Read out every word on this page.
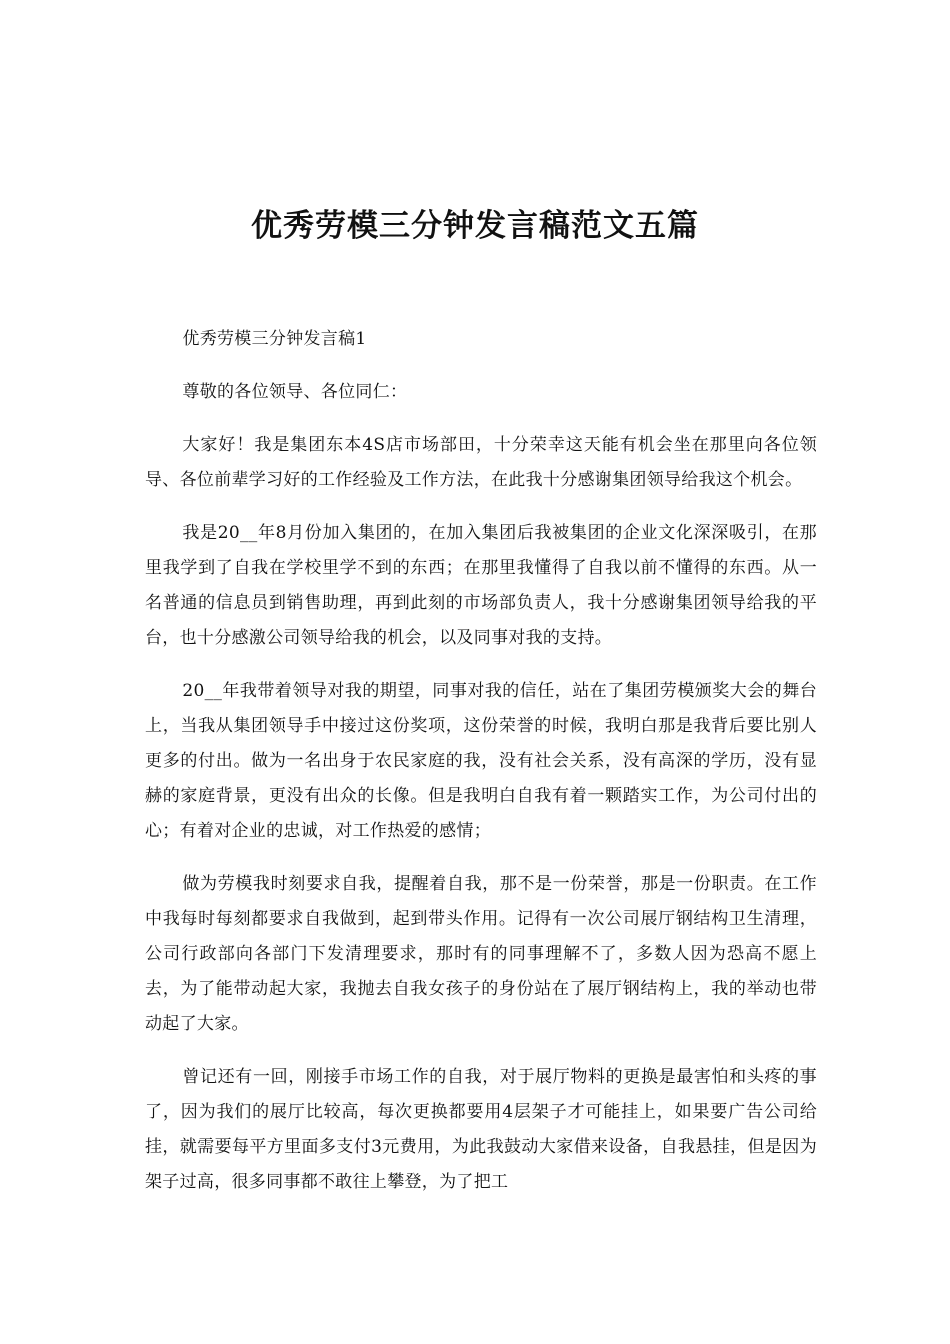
优秀劳模三分钟发言稿范文五篇

优秀劳模三分钟发言稿1

尊敬的各位领导、各位同仁：

大家好！我是集团东本4S店市场部田，十分荣幸这天能有机会坐在那里向各位领导、各位前辈学习好的工作经验及工作方法，在此我十分感谢集团领导给我这个机会。

我是20__年8月份加入集团的，在加入集团后我被集团的企业文化深深吸引，在那里我学到了自我在学校里学不到的东西；在那里我懂得了自我以前不懂得的东西。从一名普通的信息员到销售助理，再到此刻的市场部负责人，我十分感谢集团领导给我的平台，也十分感激公司领导给我的机会，以及同事对我的支持。

20__年我带着领导对我的期望，同事对我的信任，站在了集团劳模颁奖大会的舞台上，当我从集团领导手中接过这份奖项，这份荣誉的时候，我明白那是我背后要比别人更多的付出。做为一名出身于农民家庭的我，没有社会关系，没有高深的学历，没有显赫的家庭背景，更没有出众的长像。但是我明白自我有着一颗踏实工作，为公司付出的心；有着对企业的忠诚，对工作热爱的感情；

做为劳模我时刻要求自我，提醒着自我，那不是一份荣誉，那是一份职责。在工作中我每时每刻都要求自我做到，起到带头作用。记得有一次公司展厅钢结构卫生清理，公司行政部向各部门下发清理要求，那时有的同事理解不了，多数人因为恐高不愿上去，为了能带动起大家，我抛去自我女孩子的身份站在了展厅钢结构上，我的举动也带动起了大家。

曾记还有一回，刚接手市场工作的自我，对于展厅物料的更换是最害怕和头疼的事了，因为我们的展厅比较高，每次更换都要用4层架子才可能挂上，如果要广告公司给挂，就需要每平方里面多支付3元费用，为此我鼓动大家借来设备，自我悬挂，但是因为架子过高，很多同事都不敢往上攀登，为了把工
